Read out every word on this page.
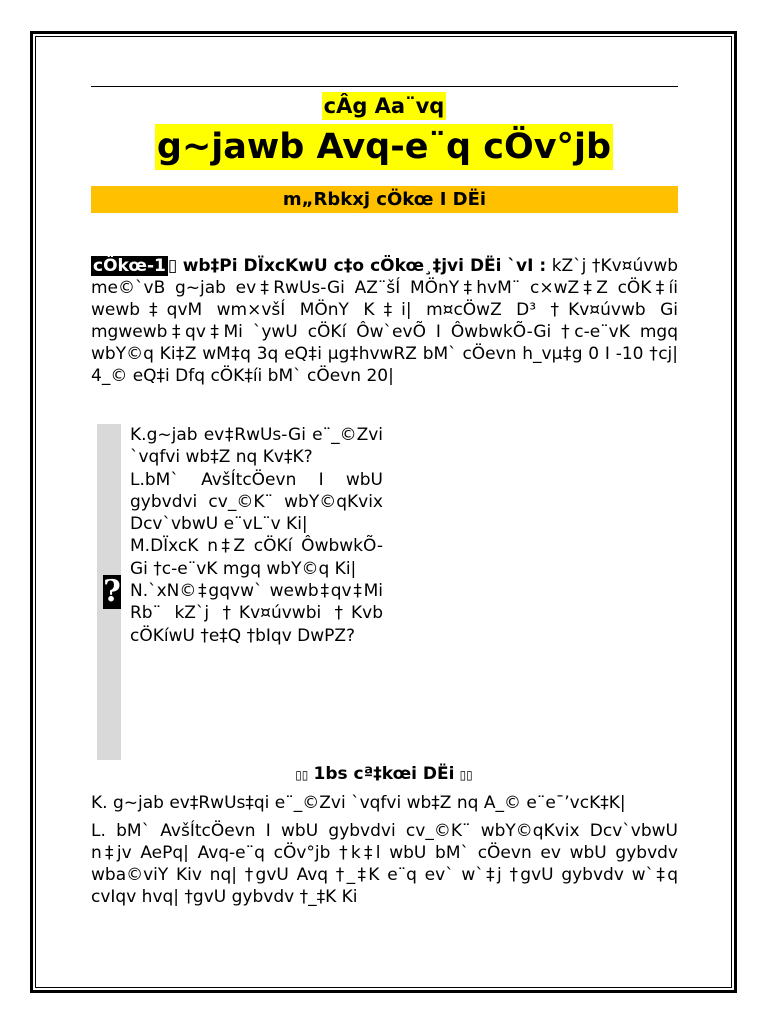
cÂg Aa¨vq
g~jawb Avq-e¨q cÖv°jb
m„Rbkxj cÖkœ I DËi
cÖkœ-1 ▯ wb‡Pi DÏxcKwU c‡o cÖkœ¸‡jvi DËi `vI : kZ`j †Kv¤úvwb me©`vB g~jab ev‡RwUs-Gi AZ¨šÍ MÖnY‡hvM¨ c×wZ‡Z cÖK‡íi wewb‡qvM wm×všÍ MÖnY K‡i| m¤cÖwZ D³ †Kv¤úvwb Gi mgwewb‡qv‡Mi `ywU cÖKí Ôw`evÕ I ÔwbwkÕ-Gi †c-e¨vK mgq wbY©q Ki‡Z wM‡q 3q eQ‡i µg‡hvwRZ bM` cÖevn h_vµ‡g 0 I -10 †cj| 4_© eQ‡i Dfq cÖK‡íi bM` cÖevn 20|
?
K.g~jab ev‡RwUs-Gi e¨_©Zvi `vqfvi wb‡Z nq Kv‡K?
L.bM` AvšÍtcÖevn I wbU gybvdvi cv_©K¨ wbY©qKvix Dcv`vbwU e¨vL¨v Ki|
M.DÏxcK n‡Z cÖKí ÔwbwkÕ-Gi †c-e¨vK mgq wbY©q Ki|
N.`xN©‡gqvw` wewb‡qv‡Mi Rb¨ kZ`j †Kv¤úvwbi †Kvb cÖKíwU †e‡Q †bIqv DwPZ?
▯▯ 1bs cª‡kœi DËi ▯▯
K. g~jab ev‡RwUs‡qi e¨_©Zvi `vqfvi wb‡Z nq A_© e¨e¯’vcK‡K|
L. bM` AvšÍtcÖevn I wbU gybvdvi cv_©K¨ wbY©qKvix Dcv`vbwU n‡jv AePq| Avq-e¨q cÖv°jb †k‡l wbU bM` cÖevn ev wbU gybvdv wba©viY Kiv nq| †gvU Avq †_‡K e¨q ev` w`‡j †gvU gybvdv w`‡q cvIqv hvq| †gvU gybvdv †_‡K Ki
